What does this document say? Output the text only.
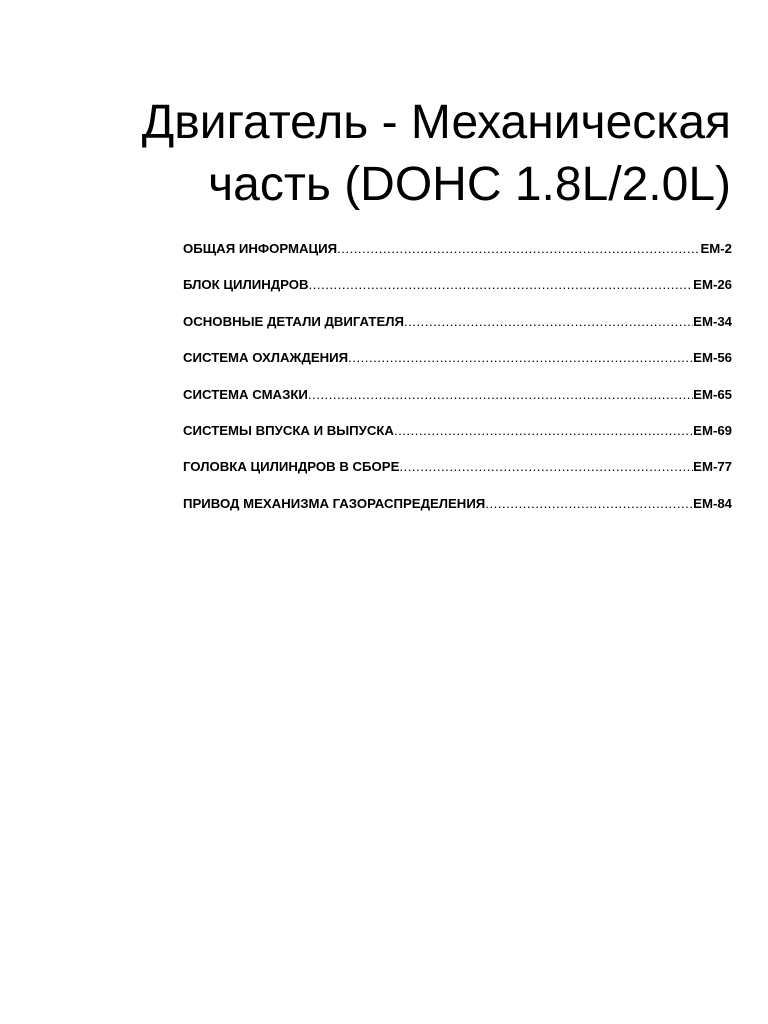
Двигатель - Механическая
часть (DOHC 1.8L/2.0L)
ОБЩАЯ ИНФОРМАЦИЯ .....	EM-2
БЛОК ЦИЛИНДРОВ .....	EM-26
ОСНОВНЫЕ ДЕТАЛИ ДВИГАТЕЛЯ .....	EM-34
СИСТЕМА ОХЛАЖДЕНИЯ .....	EM-56
СИСТЕМА СМАЗКИ .....	EM-65
СИСТЕМЫ ВПУСКА И ВЫПУСКА .....	EM-69
ГОЛОВКА ЦИЛИНДРОВ В СБОРЕ .....	EM-77
ПРИВОД МЕХАНИЗМА ГАЗОРАСПРЕДЕЛЕНИЯ .....	EM-84
